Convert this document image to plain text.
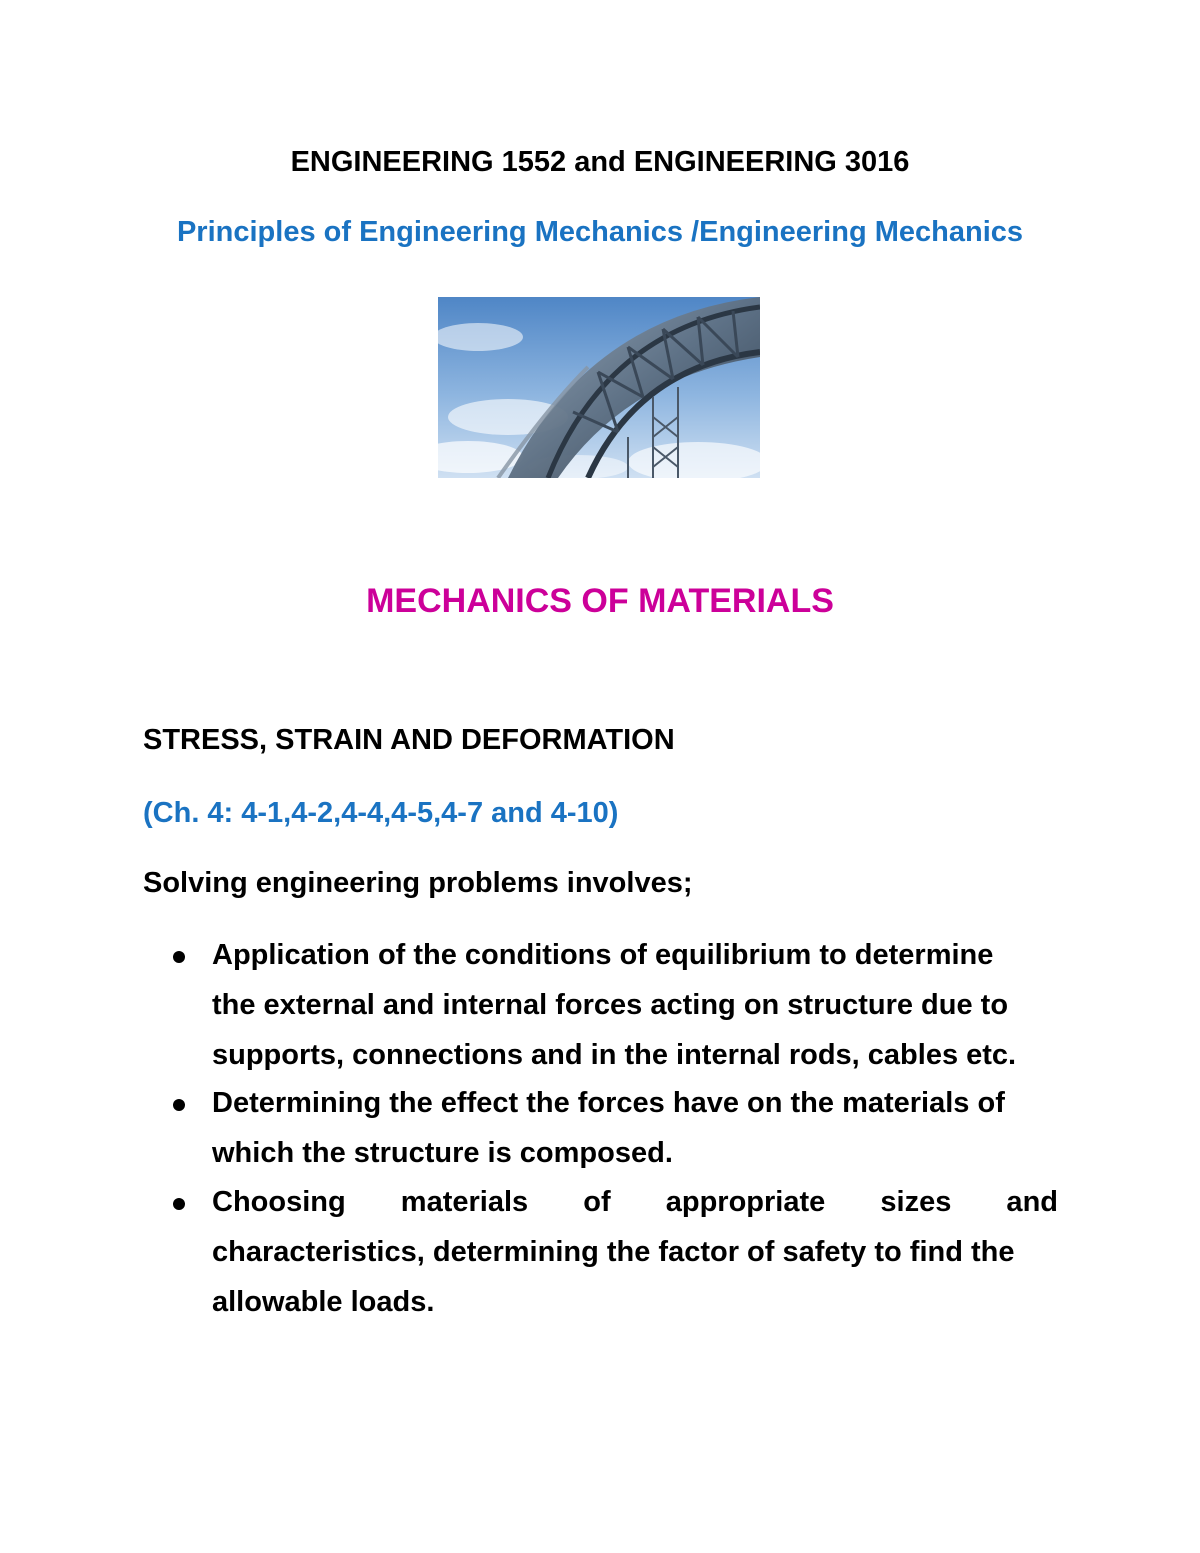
ENGINEERING 1552 and ENGINEERING 3016
Principles of Engineering Mechanics /Engineering Mechanics
MECHANICS OF MATERIALS
STRESS, STRAIN AND DEFORMATION
(Ch. 4: 4-1,4-2,4-4,4-5,4-7 and 4-10)
Solving engineering problems involves;
Application of the conditions of equilibrium to determine
the external and internal forces acting on structure due to
supports, connections and in the internal rods, cables etc.
Determining the effect the forces have on the materials of
which the structure is composed.
Choosing materials of appropriate sizes and
characteristics, determining the factor of safety to find the
allowable loads.
